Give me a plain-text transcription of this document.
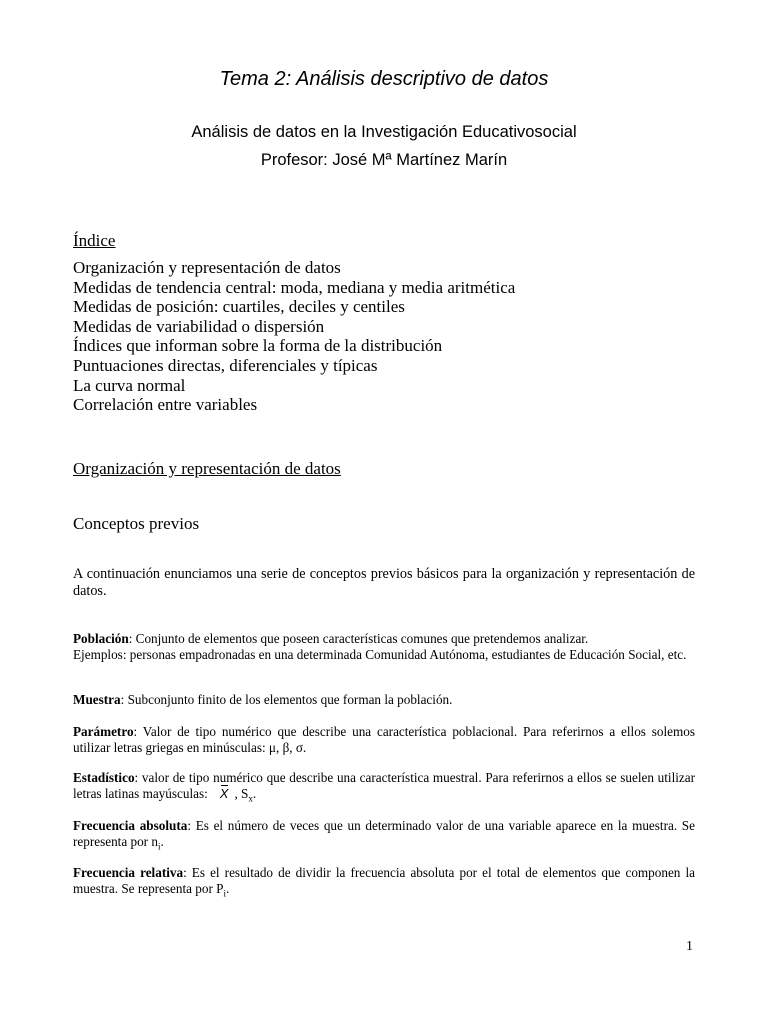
Tema 2: Análisis descriptivo de datos
Análisis de datos en la Investigación Educativosocial
Profesor: José Mª Martínez Marín
Índice
Organización y representación de datos
Medidas de tendencia central: moda, mediana y media aritmética
Medidas de posición: cuartiles, deciles y centiles
Medidas de variabilidad o dispersión
Índices que informan sobre la forma de la distribución
Puntuaciones directas, diferenciales y típicas
La curva normal
Correlación entre variables
Organización y representación de datos
Conceptos previos

A continuación enunciamos una serie de conceptos previos básicos para la organización y representación de datos.

Población: Conjunto de elementos que poseen características comunes que pretendemos analizar.
Ejemplos: personas empadronadas en una determinada Comunidad Autónoma, estudiantes de Educación Social, etc.

Muestra: Subconjunto finito de los elementos que forman la población.

Parámetro: Valor de tipo numérico que describe una característica poblacional. Para referirnos a ellos solemos utilizar letras griegas en minúsculas: μ, β, σ.

Estadístico: valor de tipo numérico que describe una característica muestral. Para referirnos a ellos se suelen utilizar letras latinas mayúsculas: X , $S_x$.

Frecuencia absoluta: Es el número de veces que un determinado valor de una variable aparece en la muestra. Se representa por $n_i$.

Frecuencia relativa: Es el resultado de dividir la frecuencia absoluta por el total de elementos que componen la muestra. Se representa por $P_i$.

1
